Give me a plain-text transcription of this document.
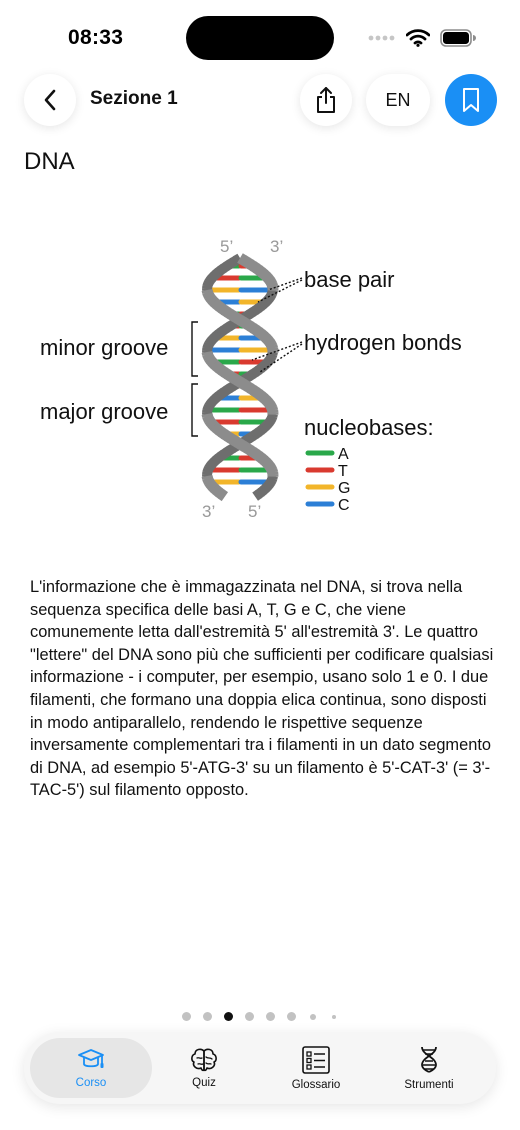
08:33
Sezione 1	EN
DNA
5’ 3’
3’ 5’
base pair
hydrogen bonds
minor groove
major groove
nucleobases:
A
T
G
C
L'informazione che è immagazzinata nel DNA, si trova nella sequenza specifica delle basi A, T, G e C, che viene comunemente letta dall'estremità 5' all'estremità 3'. Le quattro "lettere" del DNA sono più che sufficienti per codificare qualsiasi informazione - i computer, per esempio, usano solo 1 e 0. I due filamenti, che formano una doppia elica continua, sono disposti in modo antiparallelo, rendendo le rispettive sequenze inversamente complementari tra i filamenti in un dato segmento di DNA, ad esempio 5'-ATG-3' su un filamento è 5'-CAT-3' (= 3'-TAC-5') sul filamento opposto.
Corso	Quiz	Glossario	Strumenti
